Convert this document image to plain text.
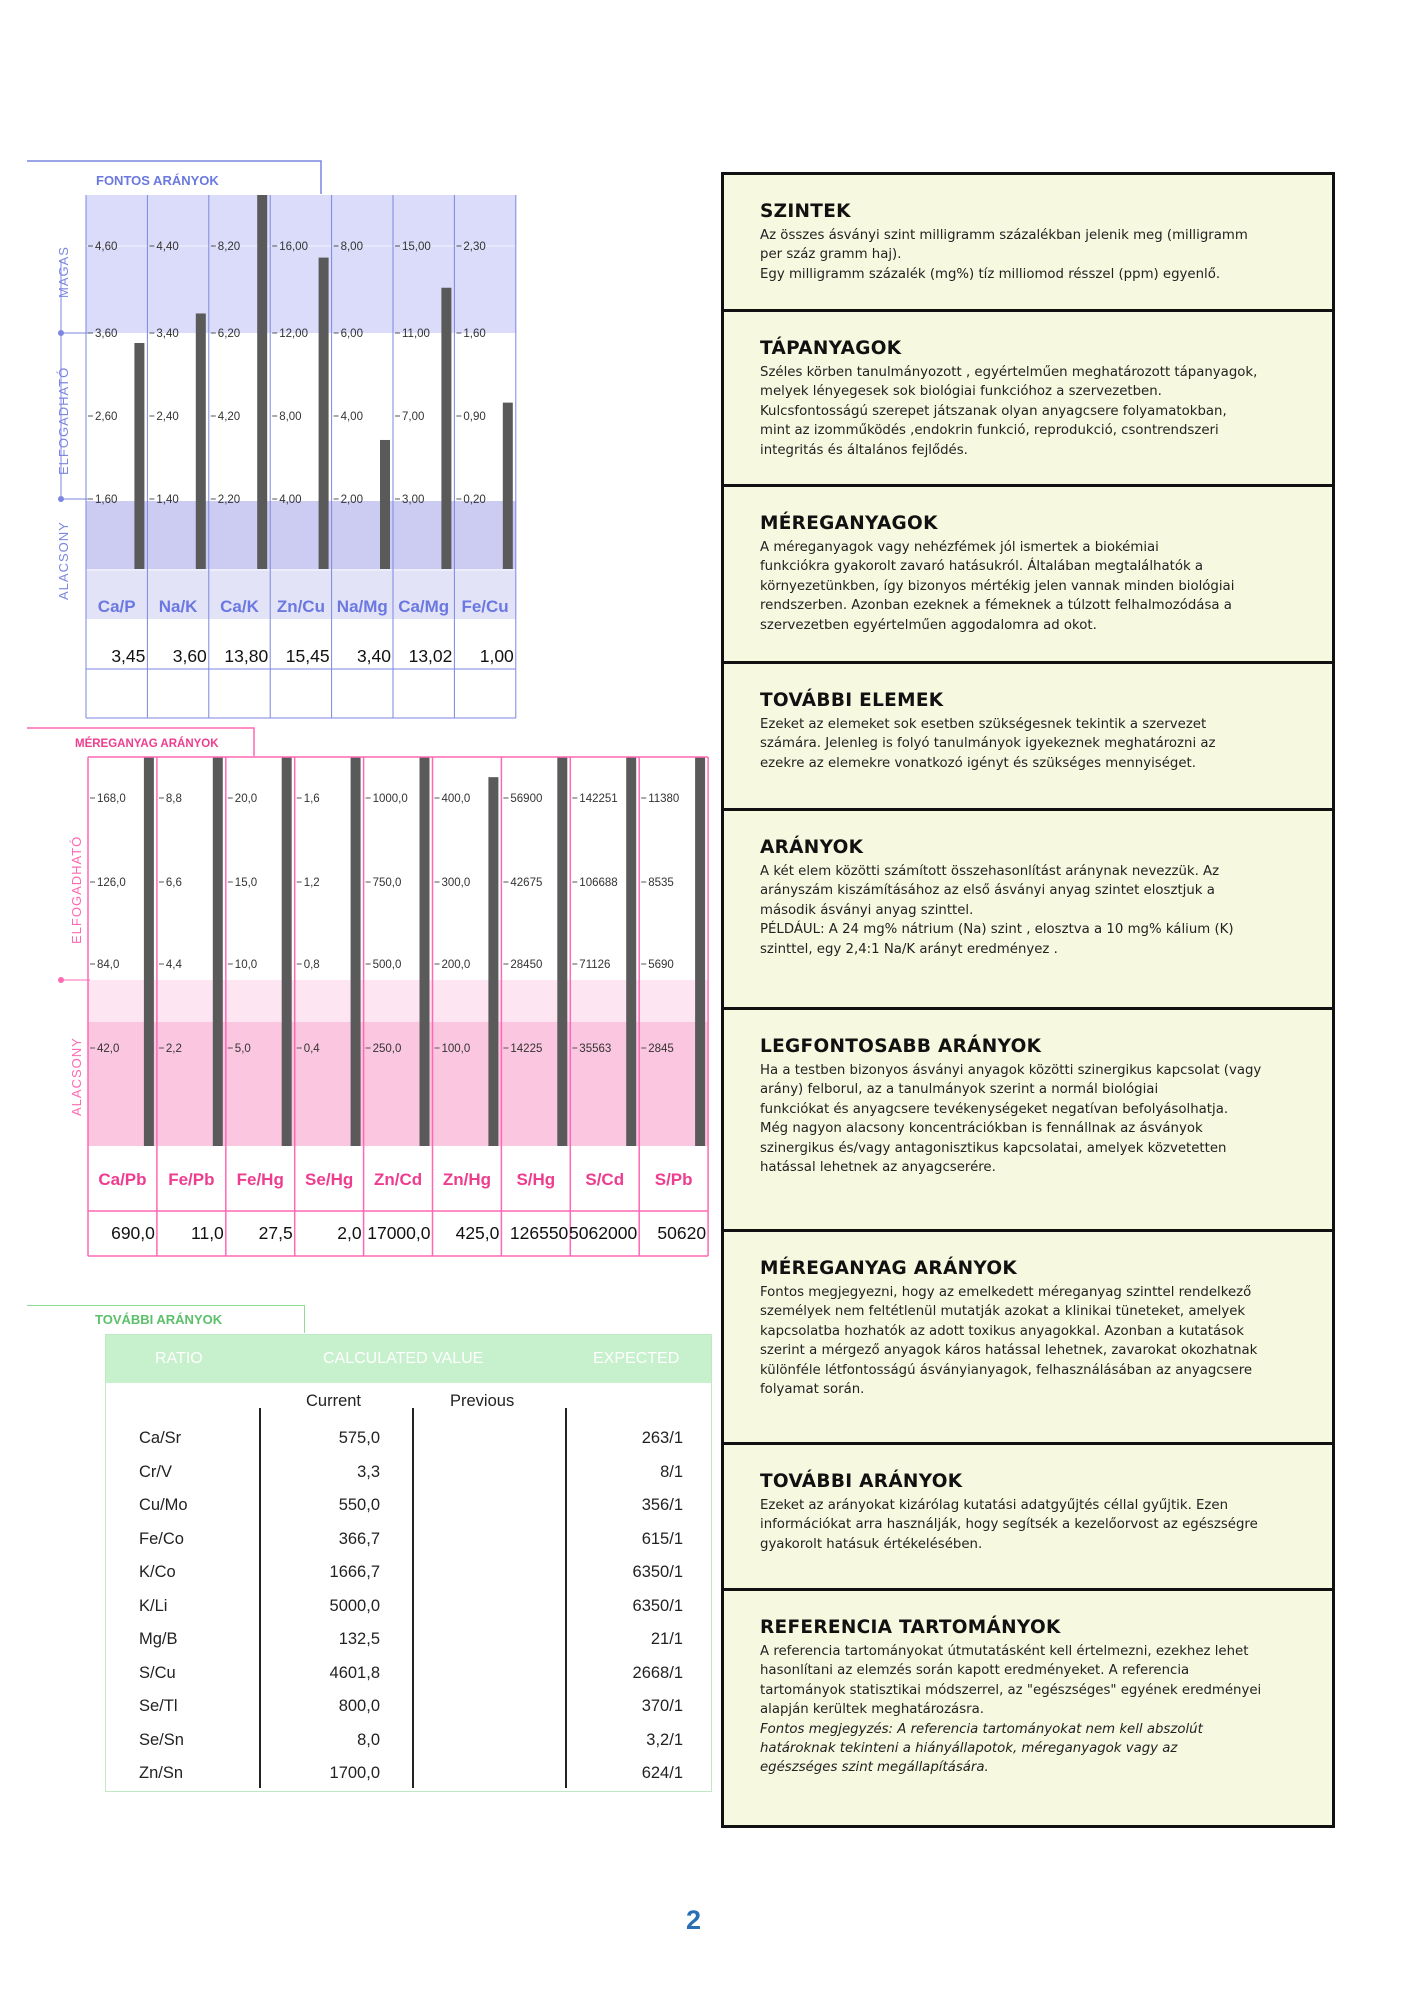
FONTOS ARÁNYOK
MAGAS
ELFOGADHATÓ
ALACSONY
4,60
3,60
2,60
1,60
Ca/P
3,45
4,40
3,40
2,40
1,40
Na/K
3,60
8,20
6,20
4,20
2,20
Ca/K
13,80
16,00
12,00
8,00
4,00
Zn/Cu
15,45
8,00
6,00
4,00
2,00
Na/Mg
3,40
15,00
11,00
7,00
3,00
Ca/Mg
13,02
2,30
1,60
0,90
0,20
Fe/Cu
1,00
MÉREGANYAG ARÁNYOK
ELFOGADHATÓ
ALACSONY
168,0
126,0
84,0
42,0
Ca/Pb
690,0
8,8
6,6
4,4
2,2
Fe/Pb
11,0
20,0
15,0
10,0
5,0
Fe/Hg
27,5
1,6
1,2
0,8
0,4
Se/Hg
2,0
1000,0
750,0
500,0
250,0
Zn/Cd
17000,0
400,0
300,0
200,0
100,0
Zn/Hg
425,0
56900
42675
28450
14225
S/Hg
126550
142251
106688
71126
35563
S/Cd
5062000
11380
8535
5690
2845
S/Pb
50620
TOVÁBBI ARÁNYOK
RATIO	CALCULATED VALUE	EXPECTED
Current	Previous
Ca/Sr	575,0	263/1
Cr/V	3,3	8/1
Cu/Mo	550,0	356/1
Fe/Co	366,7	615/1
K/Co	1666,7	6350/1
K/Li	5000,0	6350/1
Mg/B	132,5	21/1
S/Cu	4601,8	2668/1
Se/Tl	800,0	370/1
Se/Sn	8,0	3,2/1
Zn/Sn	1700,0	624/1
SZINTEK

Az összes ásványi szint milligramm százalékban jelenik meg (milligramm
per száz gramm haj).
Egy milligramm százalék (mg%) tíz milliomod résszel (ppm) egyenlő.

TÁPANYAGOK

Széles körben tanulmányozott , egyértelműen meghatározott tápanyagok,
melyek lényegesek sok biológiai funkcióhoz a szervezetben.
Kulcsfontosságú szerepet játszanak olyan anyagcsere folyamatokban,
mint az izomműködés ,endokrin funkció, reprodukció, csontrendszeri
integritás és általános fejlődés.

MÉREGANYAGOK

A méreganyagok vagy nehézfémek jól ismertek a biokémiai
funkciókra gyakorolt zavaró hatásukról. Általában megtalálhatók a
környezetünkben, így bizonyos mértékig jelen vannak minden biológiai
rendszerben. Azonban ezeknek a fémeknek a túlzott felhalmozódása a
szervezetben egyértelműen aggodalomra ad okot.

TOVÁBBI ELEMEK

Ezeket az elemeket sok esetben szükségesnek tekintik a szervezet
számára. Jelenleg is folyó tanulmányok igyekeznek meghatározni az
ezekre az elemekre vonatkozó igényt és szükséges mennyiséget.

ARÁNYOK

A két elem közötti számított összehasonlítást aránynak nevezzük. Az
arányszám kiszámításához az első ásványi anyag szintet elosztjuk a
második ásványi anyag szinttel.
PÉLDÁUL: A 24 mg% nátrium (Na) szint , elosztva a 10 mg% kálium (K)
szinttel, egy 2,4:1 Na/K arányt eredményez .

LEGFONTOSABB ARÁNYOK

Ha a testben bizonyos ásványi anyagok közötti szinergikus kapcsolat (vagy
arány) felborul, az a tanulmányok szerint a normál biológiai
funkciókat és anyagcsere tevékenységeket negatívan befolyásolhatja.
Még nagyon alacsony koncentrációkban is fennállnak az ásványok
szinergikus és/vagy antagonisztikus kapcsolatai, amelyek közvetetten
hatással lehetnek az anyagcserére.

MÉREGANYAG ARÁNYOK

Fontos megjegyezni, hogy az emelkedett méreganyag szinttel rendelkező
személyek nem feltétlenül mutatják azokat a klinikai tüneteket, amelyek
kapcsolatba hozhatók az adott toxikus anyagokkal. Azonban a kutatások
szerint a mérgező anyagok káros hatással lehetnek, zavarokat okozhatnak
különféle létfontosságú ásványianyagok, felhasználásában az anyagcsere
folyamat során.

TOVÁBBI ARÁNYOK

Ezeket az arányokat kizárólag kutatási adatgyűjtés céllal gyűjtik. Ezen
információkat arra használják, hogy segítsék a kezelőorvost az egészségre
gyakorolt hatásuk értékelésében.

REFERENCIA TARTOMÁNYOK

A referencia tartományokat útmutatásként kell értelmezni, ezekhez lehet
hasonlítani az elemzés során kapott eredményeket. A referencia
tartományok statisztikai módszerrel, az "egészséges" egyének eredményei
alapján kerültek meghatározásra.

Fontos megjegyzés: A referencia tartományokat nem kell abszolút
határoknak tekinteni a hiányállapotok, méreganyagok vagy az
egészséges szint megállapítására.

2
